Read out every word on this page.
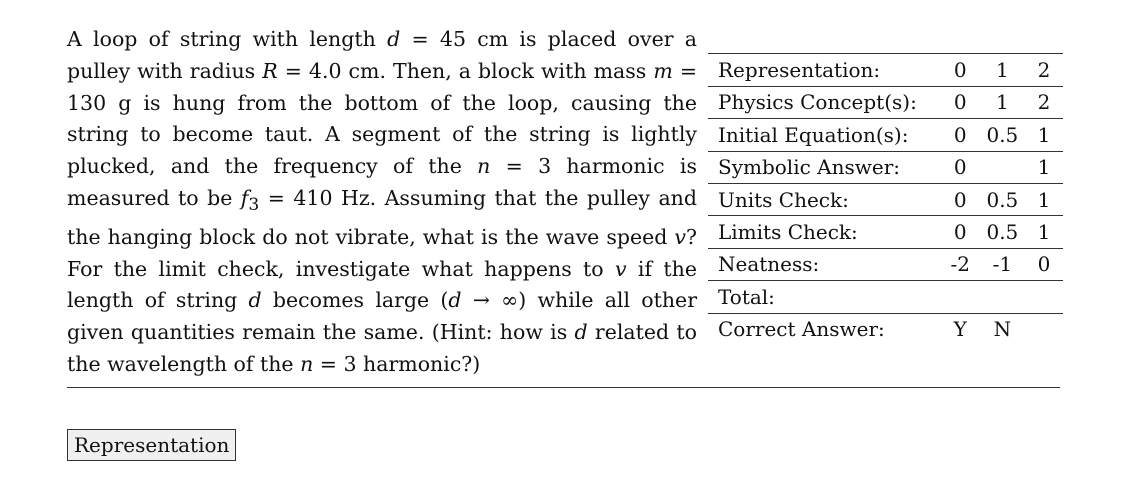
A loop of string with length d = 45 cm is placed over a pulley with radius R = 4.0 cm. Then, a block with mass m = 130 g is hung from the bottom of the loop, causing the string to become taut. A segment of the string is lightly plucked, and the frequency of the n = 3 harmonic is measured to be $f_3 = 410$ Hz. Assuming that the pulley and the hanging block do not vibrate, what is the wave speed v? For the limit check, investigate what happens to v if the length of string d becomes large (d → ∞) while all other given quantities remain the same. (Hint: how is d related to the wavelength of the n = 3 harmonic?)

Representation:	0	1	2
Physics Concept(s):	0	1	2
Initial Equation(s):	0	0.5	1
Symbolic Answer:	0		1
Units Check:	0	0.5	1
Limits Check:	0	0.5	1
Neatness:	-2	-1	0
Total:			
Correct Answer:	Y	N	
Representation
